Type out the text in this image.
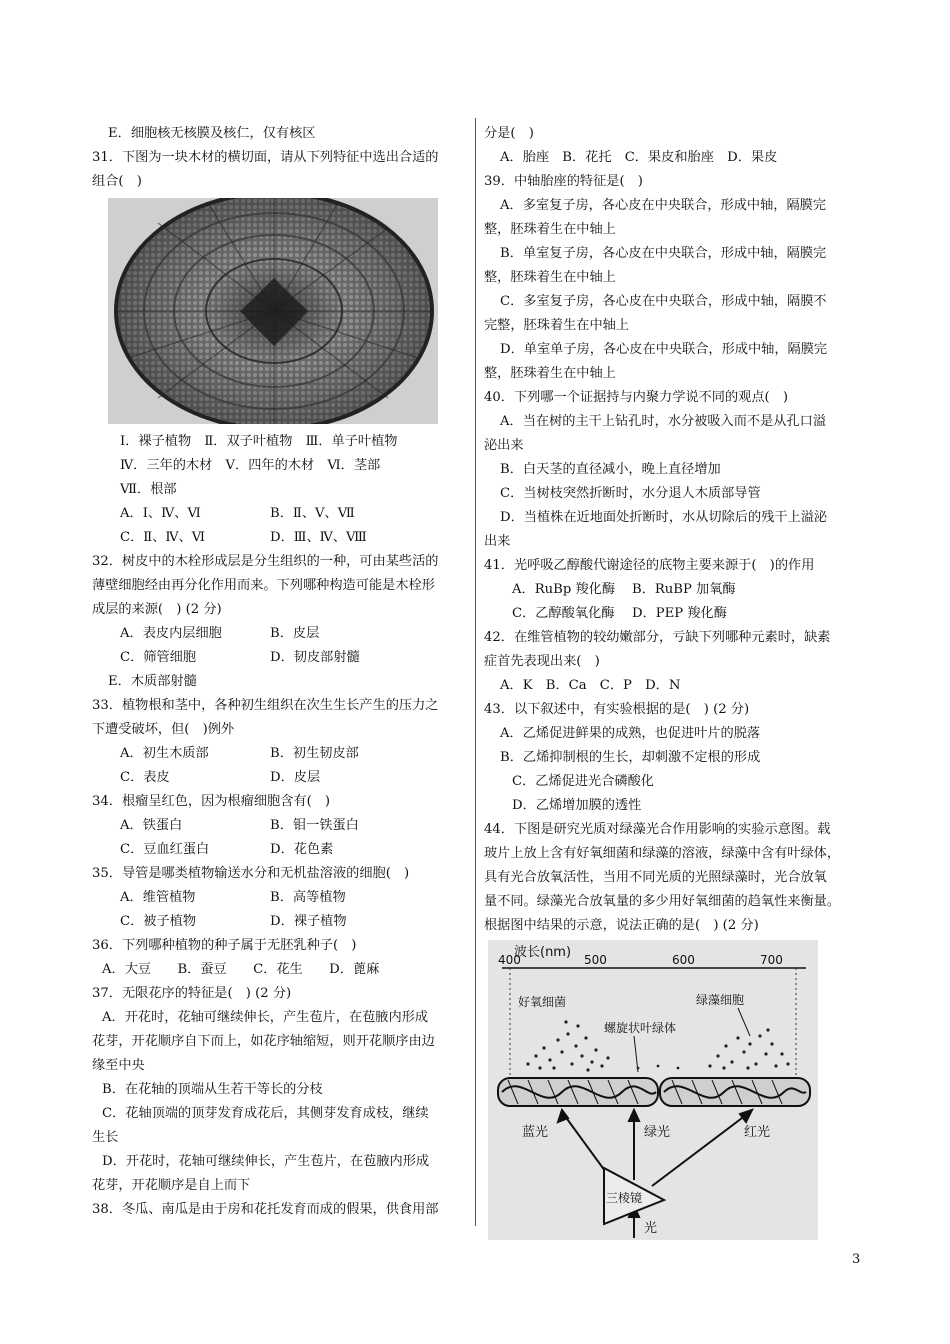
E．细胞核无核膜及核仁，仅有核区

31．下图为一块木材的横切面，请从下列特征中选出合适的

组合(　)

Ⅰ．裸子植物　Ⅱ．双子叶植物　Ⅲ．单子叶植物

Ⅳ．三年的木材　Ⅴ．四年的木材　Ⅵ．茎部

Ⅶ．根部

A．Ⅰ、Ⅳ、Ⅵ	B．Ⅱ、Ⅴ、Ⅶ
C．Ⅱ、Ⅳ、Ⅵ	D．Ⅲ、Ⅳ、Ⅷ

32．树皮中的木栓形成层是分生组织的一种，可由某些活的

薄壁细胞经由再分化作用而来。下列哪种构造可能是木栓形

成层的来源(　) (2 分)

A．表皮内层细胞	B．皮层
C．筛管细胞	D．韧皮部射髓

E．木质部射髓

33．植物根和茎中，各种初生组织在次生生长产生的压力之

下遭受破坏，但(　)例外

A．初生木质部	B．初生韧皮部
C．表皮	D．皮层

34．根瘤呈红色，因为根瘤细胞含有(　)

A．铁蛋白	B．钼一铁蛋白
C．豆血红蛋白	D．花色素

35．导管是哪类植物输送水分和无机盐溶液的细胞(　)

A．维管植物	B．高等植物
C．被子植物	D．裸子植物

36．下列哪种植物的种子属于无胚乳种子(　)

A．大豆　　B．蚕豆　　C．花生　　D．蓖麻

37．无限花序的特征是(　) (2 分)

A．开花时，花轴可继续伸长，产生苞片，在苞腋内形成

花芽，开花顺序自下而上，如花序轴缩短，则开花顺序由边

缘至中央

B．在花轴的顶端从生若干等长的分枝

C．花轴顶端的顶芽发育成花后，其侧芽发育成枝，继续

生长

D．开花时，花轴可继续伸长，产生苞片，在苞腋内形成

花芽，开花顺序是自上而下

38．冬瓜、南瓜是由于房和花托发育而成的假果，供食用部

分是(　)

A．胎座　B．花托　C．果皮和胎座　D．果皮

39．中轴胎座的特征是(　)

A．多室复子房，各心皮在中央联合，形成中轴，隔膜完

整，胚珠着生在中轴上

B．单室复子房，各心皮在中央联合，形成中轴，隔膜完

整，胚珠着生在中轴上

C．多室复子房，各心皮在中央联合，形成中轴，隔膜不

完整，胚珠着生在中轴上

D．单室单子房，各心皮在中央联合，形成中轴，隔膜完

整，胚珠着生在中轴上

40．下列哪一个证据持与内聚力学说不同的观点(　)

A．当在树的主干上钻孔时，水分被吸入而不是从孔口溢

泌出来

B．白天茎的直径减小，晚上直径增加

C．当树枝突然折断时，水分退人木质部导管

D．当植株在近地面处折断时，水从切除后的残干上溢泌

出来

41．光呼吸乙醇酸代谢途径的底物主要来源于(　)的作用

A．RuBp 羧化酶	B．RuBP 加氧酶
C．乙醇酸氧化酶	D．PEP 羧化酶

42．在维管植物的较幼嫩部分，亏缺下列哪种元素时，缺素

症首先表现出来(　)

A．K　B．Ca　C．P　D．N

43．以下叙述中，有实验根据的是(　) (2 分)

A．乙烯促进鲜果的成熟，也促进叶片的脱落

B．乙烯抑制根的生长，却刺激不定根的形成

C．乙烯促进光合磷酸化

D．乙烯增加膜的透性

44．下图是研究光质对绿藻光合作用影响的实验示意图。载

玻片上放上含有好氧细菌和绿藻的溶液，绿藻中含有叶绿体，

具有光合放氧活性，当用不同光质的光照绿藻时，光合放氧

量不同。绿藻光合放氧量的多少用好氧细菌的趋氧性来衡量。

根据图中结果的示意，说法正确的是(　) (2 分)

波长(nm)
400	500	600	700
好氧细菌	绿藻细胞
螺旋状叶绿体
蓝光	绿光	红光
三棱镜
光
3
